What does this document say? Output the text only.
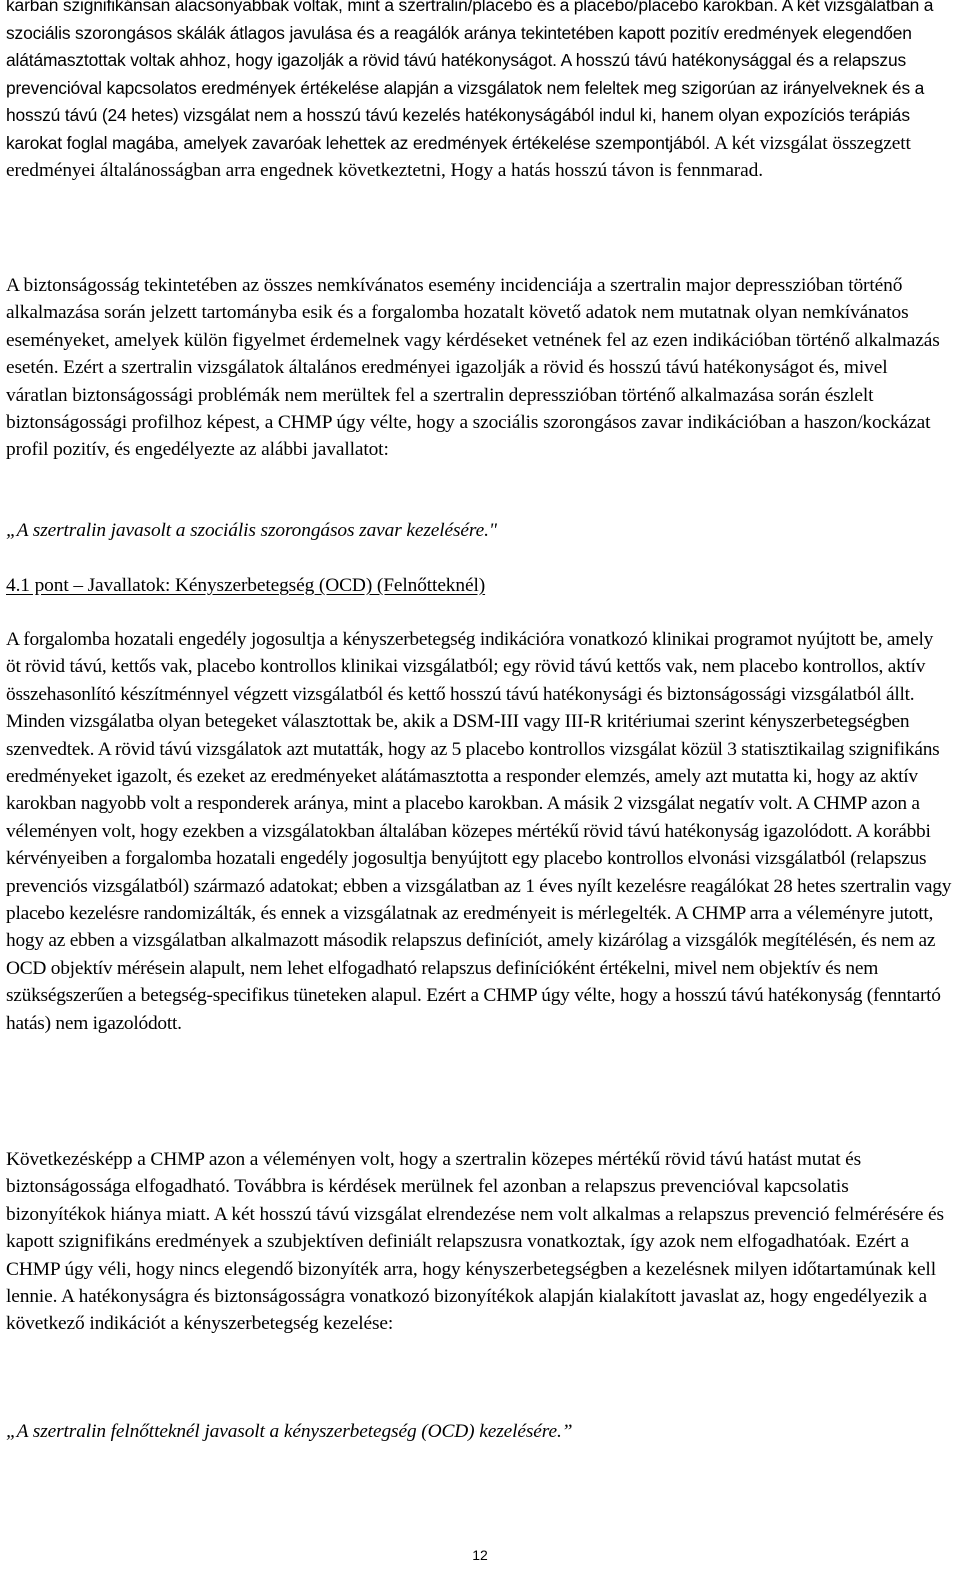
karban szignifikánsan alacsonyabbak voltak, mint a szertralin/placebo és a placebo/placebo karokban. A két vizsgálatban a szociális szorongásos skálák átlagos javulása és a reagálók aránya tekintetében kapott pozitív eredmények elegendően alátámasztottak voltak ahhoz, hogy igazolják a rövid távú hatékonyságot. A hosszú távú hatékonysággal és a relapszus prevencióval kapcsolatos eredmények értékelése alapján a vizsgálatok nem feleltek meg szigorúan az irányelveknek és a hosszú távú (24 hetes) vizsgálat nem a hosszú távú kezelés hatékonyságából indul ki, hanem olyan expozíciós terápiás karokat foglal magába, amelyek zavaróak lehettek az eredmények értékelése szempontjából. A két vizsgálat összegzett eredményei általánosságban arra engednek következtetni, Hogy a hatás hosszú távon is fennmarad.

A biztonságosság tekintetében az összes nemkívánatos esemény incidenciája a szertralin major depresszióban történő alkalmazása során jelzett tartományba esik és a forgalomba hozatalt követő adatok nem mutatnak olyan nemkívánatos eseményeket, amelyek külön figyelmet érdemelnek vagy kérdéseket vetnének fel az ezen indikációban történő alkalmazás esetén. Ezért a szertralin vizsgálatok általános eredményei igazolják a rövid és hosszú távú hatékonyságot és, mivel váratlan biztonságossági problémák nem merültek fel a szertralin depresszióban történő alkalmazása során észlelt biztonságossági profilhoz képest, a CHMP úgy vélte, hogy a szociális szorongásos zavar indikációban a haszon/kockázat profil pozitív, és engedélyezte az alábbi javallatot:

„A szertralin javasolt a szociális szorongásos zavar kezelésére."

4.1 pont – Javallatok: Kényszerbetegség (OCD) (Felnőtteknél)

A forgalomba hozatali engedély jogosultja a kényszerbetegség indikációra vonatkozó klinikai programot nyújtott be, amely öt rövid távú, kettős vak, placebo kontrollos klinikai vizsgálatból; egy rövid távú kettős vak, nem placebo kontrollos, aktív összehasonlító készítménnyel végzett vizsgálatból és kettő hosszú távú hatékonysági és biztonságossági vizsgálatból állt. Minden vizsgálatba olyan betegeket választottak be, akik a DSM-III vagy III-R kritériumai szerint kényszerbetegségben szenvedtek. A rövid távú vizsgálatok azt mutatták, hogy az 5 placebo kontrollos vizsgálat közül 3 statisztikailag szignifikáns eredményeket igazolt, és ezeket az eredményeket alátámasztotta a responder elemzés, amely azt mutatta ki, hogy az aktív karokban nagyobb volt a responderek aránya, mint a placebo karokban. A másik 2 vizsgálat negatív volt. A CHMP azon a véleményen volt, hogy ezekben a vizsgálatokban általában közepes mértékű rövid távú hatékonyság igazolódott. A korábbi kérvényeiben a forgalomba hozatali engedély jogosultja benyújtott egy placebo kontrollos elvonási vizsgálatból (relapszus prevenciós vizsgálatból) származó adatokat; ebben a vizsgálatban az 1 éves nyílt kezelésre reagálókat 28 hetes szertralin vagy placebo kezelésre randomizálták, és ennek a vizsgálatnak az eredményeit is mérlegelték. A CHMP arra a véleményre jutott, hogy az ebben a vizsgálatban alkalmazott második relapszus definíciót, amely kizárólag a vizsgálók megítélésén, és nem az OCD objektív mérésein alapult, nem lehet elfogadható relapszus definícióként értékelni, mivel nem objektív és nem szükségszerűen a betegség-specifikus tüneteken alapul. Ezért a CHMP úgy vélte, hogy a hosszú távú hatékonyság (fenntartó hatás) nem igazolódott.

Következésképp a CHMP azon a véleményen volt, hogy a szertralin közepes mértékű rövid távú hatást mutat és biztonságossága elfogadható. Továbbra is kérdések merülnek fel azonban a relapszus prevencióval kapcsolatis bizonyítékok hiánya miatt. A két hosszú távú vizsgálat elrendezése nem volt alkalmas a relapszus prevenció felmérésére és kapott szignifikáns eredmények a szubjektíven definiált relapszusra vonatkoztak, így azok nem elfogadhatóak. Ezért a CHMP úgy véli, hogy nincs elegendő bizonyíték arra, hogy kényszerbetegségben a kezelésnek milyen időtartamúnak kell lennie. A hatékonyságra és biztonságosságra vonatkozó bizonyítékok alapján kialakított javaslat az, hogy engedélyezik a következő indikációt a kényszerbetegség kezelése:

„A szertralin felnőtteknél javasolt a kényszerbetegség (OCD) kezelésére.”

12
